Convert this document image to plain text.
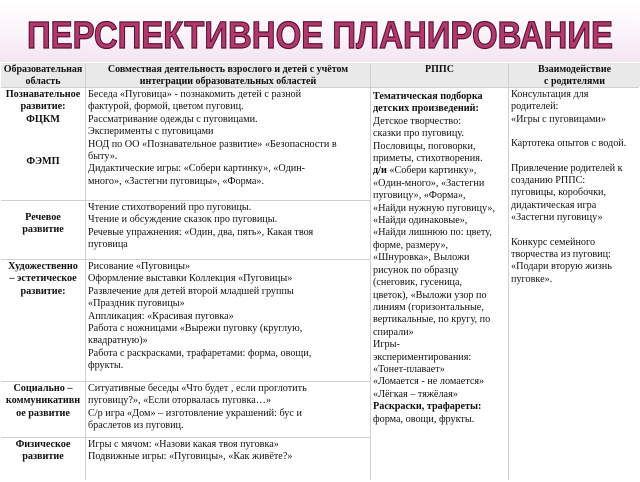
ПЕРСПЕКТИВНОЕ ПЛАНИРОВАНИЕ
Образовательная область
Совместная деятельность взрослого и детей с учётом интеграции образовательных областей
РППС	Взаимодействие
с родителями
Познавательное развитие:
ФЦКМ
ФЭМП
Беседа «Пуговица» - познакомить детей с разной
фактурой, формой, цветом пуговиц.
Рассматривание одежды с пуговицами.
Эксперименты с пуговицами
НОД по ОО «Познавательное развитие» «Безопасности в
быту».
Дидактические игры: «Собери картинку», «Один-
много», «Застегни пуговицы», «Форма».
Речевое
развитие
Чтение стихотворений про пуговицы.
Чтение и обсуждение сказок про пуговицы.
Речевые упражнения: «Один, два, пять», Какая твоя
пуговица
Художественно
– эстетическое
развитие:
Рисование «Пуговицы»
Оформление выставки Коллекция «Пуговицы»
Развлечение для детей второй младшей группы
«Праздник пуговицы»
Аппликация: «Красивая пуговка»
Работа с ножницами «Вырежи пуговку (круглую,
квадратную)»
Работа с раскрасками, трафаретами: форма, овощи,
фрукты.
Социально –
коммуникативн
ое развитие
Ситуативные беседы «Что будет , если проглотить
пуговицу?», «Если оторвалась пуговка…»
С/р игра «Дом» – изготовление украшений: бус и
браслетов из пуговиц.
Физическое
развитие
Игры с мячом: «Назови какая твоя пуговка»
Подвижные игры: «Пуговицы», «Как живёте?»
Тематическая подборка
детских произведений:
Детское творчество:
сказки про пуговицу.
Пословицы, поговорки,
приметы, стихотворения.
д/и «Собери картинку»,
«Один-много», «Застегни
пуговицу», «Форма»,
«Найди нужную пуговицу»,
«Найди одинаковые»,
«Найди лишнюю по: цвету,
форме, размеру»,
«Шнуровка», Выложи
рисунок по образцу
(снеговик, гусеница,
цветок), «Выложи узор по
линиям (горизонтальные,
вертикальные, по кругу, по
спирали»
Игры-
экспериментирования:
«Тонет-плавает»
«Ломается - не ломается»
«Лёгкая – тяжёлая»
Раскраски, трафареты:
форма, овощи, фрукты.
Консультация для
родителей:
«Игры с пуговицами»
Картотека опытов с водой.
Привлечение родителей к
созданию РППС:
пуговицы, коробочки,
дидактическая игра
«Застегни пуговицу»
Конкурс семейного
творчества из пуговиц:
«Подари вторую жизнь
пуговке».
